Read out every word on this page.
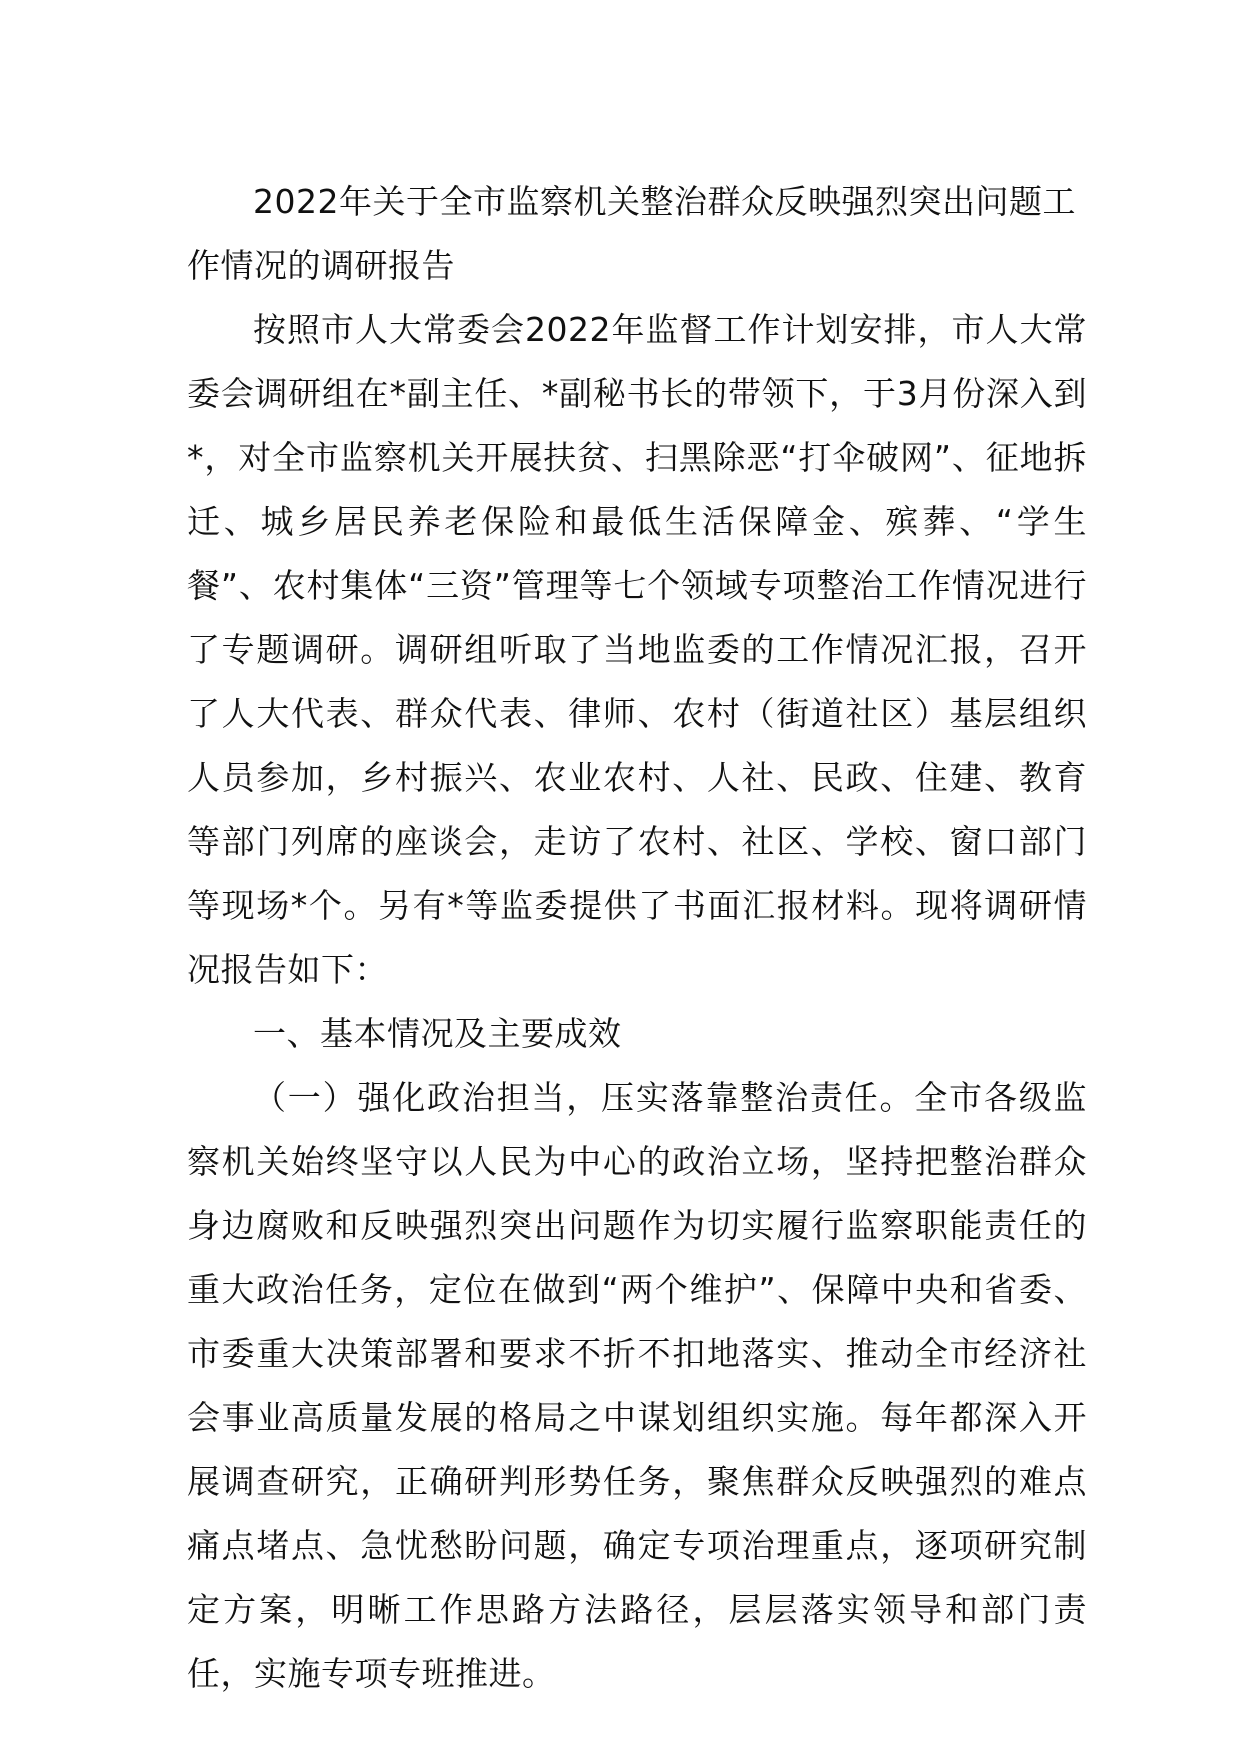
2022年关于全市监察机关整治群众反映强烈突出问题工作情况的调研报告

按照市人大常委会2022年监督工作计划安排，市人大常委会调研组在*副主任、*副秘书长的带领下，于3月份深入到*，对全市监察机关开展扶贫、扫黑除恶“打伞破网”、征地拆迁、城乡居民养老保险和最低生活保障金、殡葬、“学生餐”、农村集体“三资”管理等七个领域专项整治工作情况进行了专题调研。调研组听取了当地监委的工作情况汇报，召开了人大代表、群众代表、律师、农村（街道社区）基层组织人员参加，乡村振兴、农业农村、人社、民政、住建、教育等部门列席的座谈会，走访了农村、社区、学校、窗口部门等现场*个。另有*等监委提供了书面汇报材料。现将调研情况报告如下：

一、基本情况及主要成效

（一）强化政治担当，压实落靠整治责任。全市各级监察机关始终坚守以人民为中心的政治立场，坚持把整治群众身边腐败和反映强烈突出问题作为切实履行监察职能责任的重大政治任务，定位在做到“两个维护”、保障中央和省委、市委重大决策部署和要求不折不扣地落实、推动全市经济社会事业高质量发展的格局之中谋划组织实施。每年都深入开展调查研究，正确研判形势任务，聚焦群众反映强烈的难点痛点堵点、急忧愁盼问题，确定专项治理重点，逐项研究制定方案，明晰工作思路方法路径，层层落实领导和部门责任，实施专项专班推进。
